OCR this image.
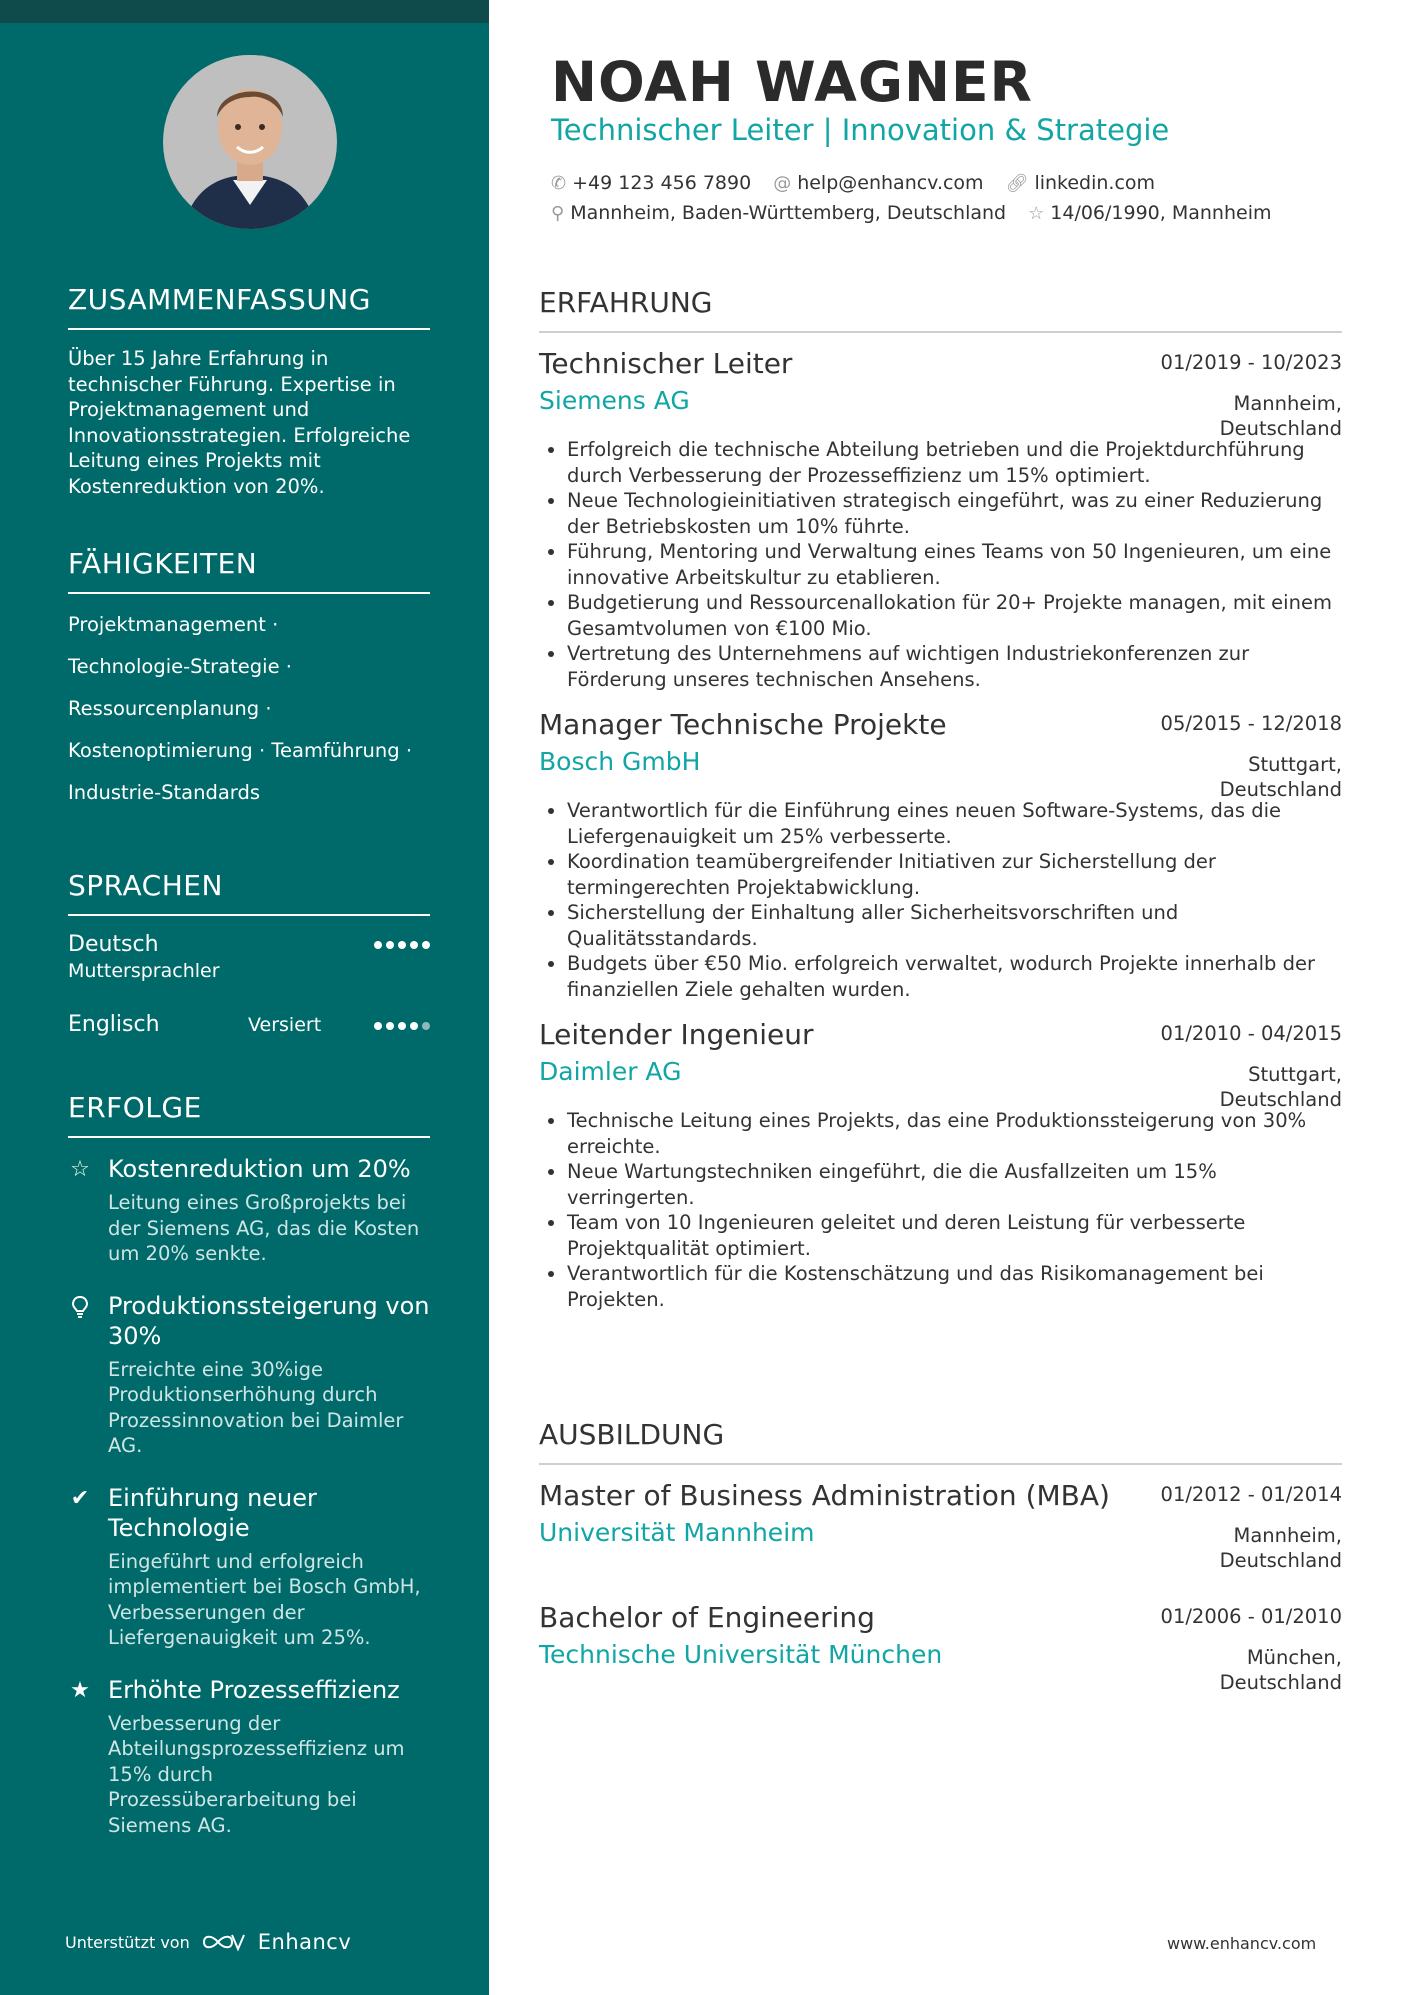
ZUSAMMENFASSUNG

Über 15 Jahre Erfahrung in technischer Führung. Expertise in Projektmanagement und Innovationsstrategien. Erfolgreiche Leitung eines Projekts mit Kostenreduktion von 20%.

FÄHIGKEITEN
Projektmanagement ·
Technologie-Strategie ·
Ressourcenplanung ·
Kostenoptimierung · Teamführung ·
Industrie-Standards
SPRACHEN
Deutsch
Muttersprachler
Englisch	Versiert
ERFOLGE
☆ Kostenreduktion um 20%

Leitung eines Großprojekts bei der Siemens AG, das die Kosten um 20% senkte.

Produktionssteigerung von 30%

Erreichte eine 30%ige Produktionserhöhung durch Prozessinnovation bei Daimler AG.

✔ Einführung neuer Technologie

Eingeführt und erfolgreich implementiert bei Bosch GmbH, Verbesserungen der Liefergenauigkeit um 25%.

★ Erhöhte Prozesseffizienz

Verbesserung der Abteilungsprozesseffizienz um 15% durch Prozessüberarbeitung bei Siemens AG.

Unterstützt von	Enhancv
NOAH WAGNER

Technischer Leiter | Innovation & Strategie

✆ +49 123 456 7890 @ help@enhancv.com 🔗︎ linkedin.com
⚲ Mannheim, Baden-Württemberg, Deutschland ☆ 14/06/1990, Mannheim
ERFAHRUNG

Technischer Leiter	01/2019 - 10/2023

Siemens AG	Mannheim, Deutschland
• Erfolgreich die technische Abteilung betrieben und die Projektdurchführung durch Verbesserung der Prozesseffizienz um 15% optimiert.
• Neue Technologieinitiativen strategisch eingeführt, was zu einer Reduzierung der Betriebskosten um 10% führte.
• Führung, Mentoring und Verwaltung eines Teams von 50 Ingenieuren, um eine innovative Arbeitskultur zu etablieren.
• Budgetierung und Ressourcenallokation für 20+ Projekte managen, mit einem Gesamtvolumen von €100 Mio.
• Vertretung des Unternehmens auf wichtigen Industriekonferenzen zur Förderung unseres technischen Ansehens.

Manager Technische Projekte	05/2015 - 12/2018

Bosch GmbH	Stuttgart, Deutschland
• Verantwortlich für die Einführung eines neuen Software-Systems, das die Liefergenauigkeit um 25% verbesserte.
• Koordination teamübergreifender Initiativen zur Sicherstellung der termingerechten Projektabwicklung.
• Sicherstellung der Einhaltung aller Sicherheitsvorschriften und Qualitätsstandards.
• Budgets über €50 Mio. erfolgreich verwaltet, wodurch Projekte innerhalb der finanziellen Ziele gehalten wurden.

Leitender Ingenieur	01/2010 - 04/2015

Daimler AG	Stuttgart, Deutschland
• Technische Leitung eines Projekts, das eine Produktionssteigerung von 30% erreichte.
• Neue Wartungstechniken eingeführt, die die Ausfallzeiten um 15% verringerten.
• Team von 10 Ingenieuren geleitet und deren Leistung für verbesserte Projektqualität optimiert.
• Verantwortlich für die Kostenschätzung und das Risikomanagement bei Projekten.
AUSBILDUNG

Master of Business Administration (MBA)	01/2012 - 01/2014

Universität Mannheim	Mannheim, Deutschland

Bachelor of Engineering	01/2006 - 01/2010

Technische Universität München	München, Deutschland
www.enhancv.com
